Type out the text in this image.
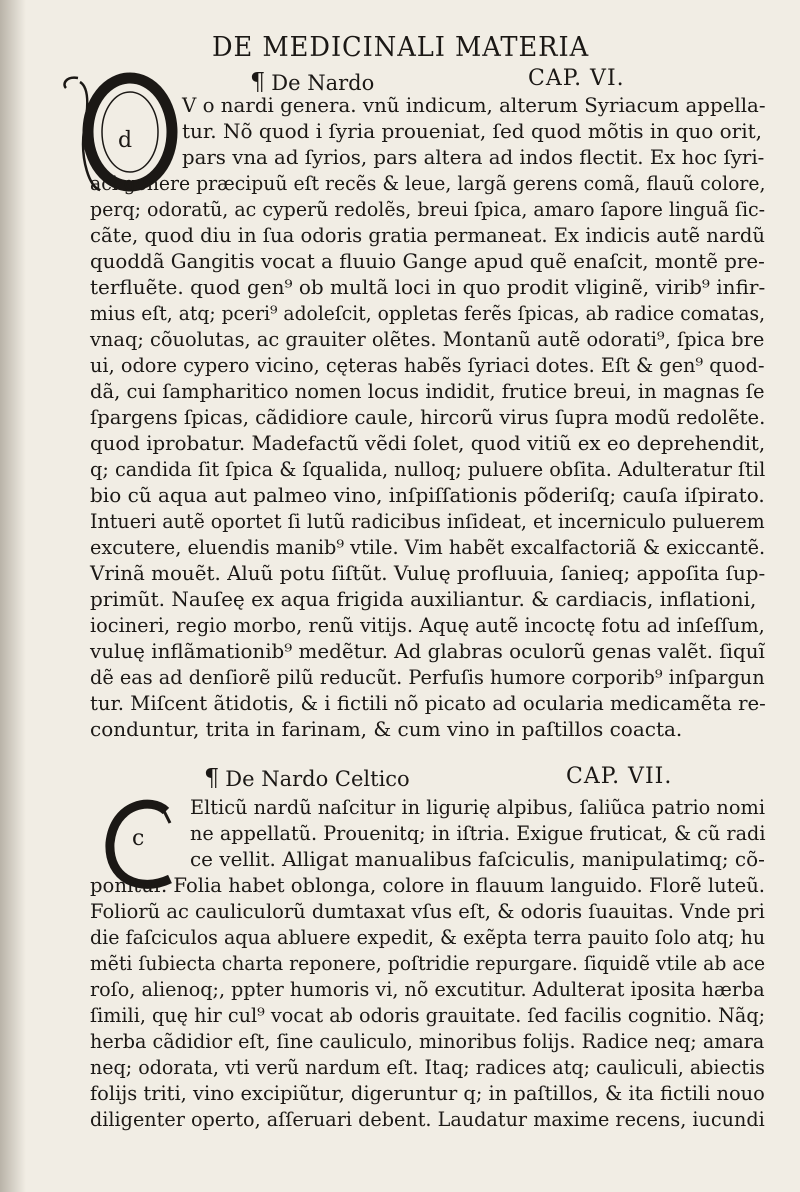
DE MEDICINALI MATERIA
d
¶ De Nardo	CAP. VI.
V o nardi genera. vnũ indicum, alterum Syriacum appella-
tur. Nõ quod i ſyria proueniat, ſed quod mõtis in quo orit,
pars vna ad ſyrios, pars altera ad indos flectit. Ex hoc ſyri-
aci genere præcipuũ eſt recẽs & leue, largã gerens comã, flauũ colore,
perq; odoratũ, ac cyperũ redolẽs, breui ſpica, amaro ſapore linguã ſic-
cãte, quod diu in ſua odoris gratia permaneat. Ex indicis autẽ nardũ
quoddã Gangitis vocat a fluuio Gange apud quẽ enaſcit, montẽ pre-
terfluẽte. quod gen⁹ ob multã loci in quo prodit vliginẽ, virib⁹ infir-
mius eſt, atq; pceri⁹ adoleſcit, oppletas ferẽs ſpicas, ab radice comatas,
vnaq; cõuolutas, ac grauiter olẽtes. Montanũ autẽ odorati⁹, ſpica bre
ui, odore cypero vicino, cęteras habẽs ſyriaci dotes. Eſt & gen⁹ quod-
dã, cui ſampharitico nomen locus indidit, frutice breui, in magnas ſe
ſpargens ſpicas, cãdidiore caule, hircorũ virus ſupra modũ redolẽte.
quod iprobatur. Madefactũ vẽdi ſolet, quod vitiũ ex eo deprehendit,
q; candida ſit ſpica & ſqualida, nulloq; puluere obſita. Adulteratur ſtil
bio cũ aqua aut palmeo vino, inſpiſſationis põderiſq; cauſa iſpirato.
Intueri autẽ oportet ſi lutũ radicibus inſideat, et incerniculo puluerem
excutere, eluendis manib⁹ vtile. Vim habẽt excalfactoriã & exiccantẽ.
Vrinã mouẽt. Aluũ potu ſiſtũt. Vuluę profluuia, ſanieq; appoſita ſup-
primũt. Nauſeę ex aqua frigida auxiliantur. & cardiacis, inflationi,
iocineri, regio morbo, renũ vitijs. Aquę autẽ incoctę fotu ad inſeſſum,
vuluę inflãmationib⁹ medẽtur. Ad glabras oculorũ genas valẽt. ſiquĩ
dẽ eas ad denſiorẽ pilũ reducũt. Perfuſis humore corporib⁹ inſpargun
tur. Miſcent ãtidotis, & i fictili nõ picato ad ocularia medicamẽta re-
conduntur, trita in farinam, & cum vino in paſtillos coacta.
¶ De Nardo Celtico	CAP. VII.
c
Elticũ nardũ naſcitur in ligurię alpibus, ſaliũca patrio nomi
ne appellatũ. Prouenitq; in iſtria. Exigue fruticat, & cũ radi
ce vellit. Alligat manualibus faſciculis, manipulatimq; cõ-
ponitur. Folia habet oblonga, colore in flauum languido. Florẽ luteũ.
Foliorũ ac cauliculorũ dumtaxat vſus eſt, & odoris ſuauitas. Vnde pri
die faſciculos aqua abluere expedit, & exẽpta terra pauito ſolo atq; hu
mẽti ſubiecta charta reponere, poſtridie repurgare. ſiquidẽ vtile ab ace
roſo, alienoq;, ppter humoris vi, nõ excutitur. Adulterat iposita hærba
ſimili, quę hir cul⁹ vocat ab odoris grauitate. ſed facilis cognitio. Nãq;
herba cãdidior eſt, ſine cauliculo, minoribus folijs. Radice neq; amara
neq; odorata, vti verũ nardum eſt. Itaq; radices atq; cauliculi, abiectis
folijs triti, vino excipiũtur, digeruntur q; in paſtillos, & ita fictili nouo
diligenter operto, aſſeruari debent. Laudatur maxime recens, iucundi
